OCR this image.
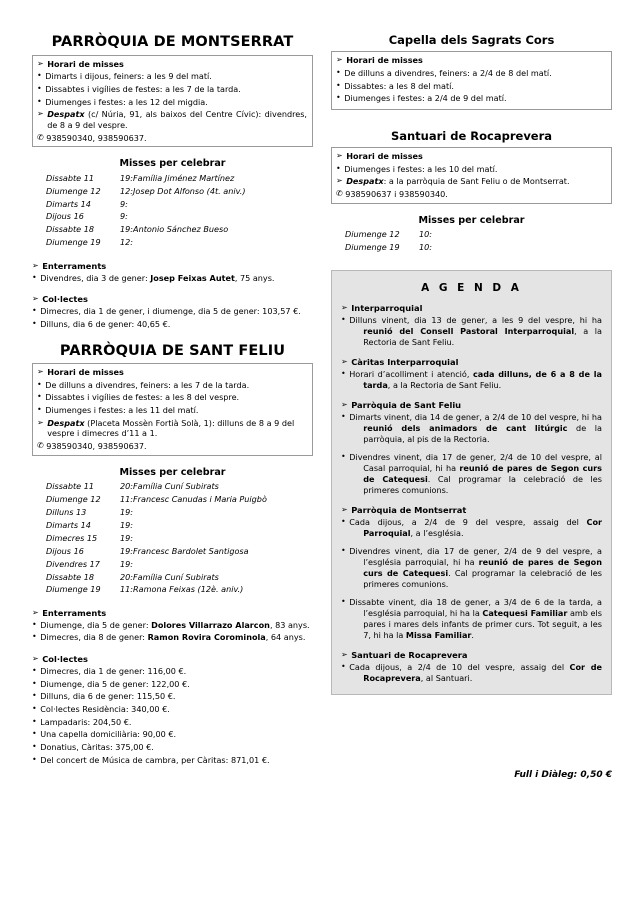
PARRÒQUIA DE MONTSERRAT
➢ Horari de misses
• Dimarts i dijous, feiners: a les 9 del matí.
• Dissabtes i vigílies de festes: a les 7 de la tarda.
• Diumenges i festes: a les 12 del migdia.
➢ Despatx (c/ Núria, 91, als baixos del Centre Cívic): divendres, de 8 a 9 del vespre.
✆ 938590340, 938590637.
Misses per celebrar
Dissabte 11	19:	Família Jiménez Martínez
Diumenge 12	12:	Josep Dot Alfonso (4t. aniv.)
Dimarts 14	9:	
Dijous 16	9:	
Dissabte 18	19:	Antonio Sánchez Bueso
Diumenge 19	12:	
➢ Enterraments
• Divendres, dia 3 de gener: Josep Feixas Autet, 75 anys.
➢ Col·lectes
• Dimecres, dia 1 de gener, i diumenge, dia 5 de gener: 103,57 €.
• Dilluns, dia 6 de gener: 40,65 €.
PARRÒQUIA DE SANT FELIU
➢ Horari de misses
• De dilluns a divendres, feiners: a les 7 de la tarda.
• Dissabtes i vigílies de festes: a les 8 del vespre.
• Diumenges i festes: a les 11 del matí.
➢ Despatx (Placeta Mossèn Fortià Solà, 1): dilluns de 8 a 9 del vespre i dimecres d’11 a 1.
✆ 938590340, 938590637.
Misses per celebrar
Dissabte 11	20:	Família Cuní Subirats
Diumenge 12	11:	Francesc Canudas i Maria Puigbò
Dilluns 13	19:	
Dimarts 14	19:	
Dimecres 15	19:	
Dijous 16	19:	Francesc Bardolet Santigosa
Divendres 17	19:	
Dissabte 18	20:	Família Cuní Subirats
Diumenge 19	11:	Ramona Feixas (12è. aniv.)
➢ Enterraments
• Diumenge, dia 5 de gener: Dolores Villarrazo Alarcon, 83 anys.
• Dimecres, dia 8 de gener: Ramon Rovira Corominola, 64 anys.
➢ Col·lectes
• Dimecres, dia 1 de gener: 116,00 €.
• Diumenge, dia 5 de gener: 122,00 €.
• Dilluns, dia 6 de gener: 115,50 €.
• Col·lectes Residència: 340,00 €.
• Lampadaris: 204,50 €.
• Una capella domiciliària: 90,00 €.
• Donatius, Càritas: 375,00 €.
• Del concert de Música de cambra, per Càritas: 871,01 €.
Capella dels Sagrats Cors
➢ Horari de misses
• De dilluns a divendres, feiners: a 2/4 de 8 del matí.
• Dissabtes: a les 8 del matí.
• Diumenges i festes: a 2/4 de 9 del matí.
Santuari de Rocaprevera
➢ Horari de misses
• Diumenges i festes: a les 10 del matí.
➢ Despatx: a la parròquia de Sant Feliu o de Montserrat.
✆ 938590637 i 938590340.
Misses per celebrar
Diumenge 12	10:	
Diumenge 19	10:	
A G E N D A
➢ Interparroquial
• Dilluns vinent, dia 13 de gener, a les 9 del vespre, hi ha reunió del Consell Pastoral Interparroquial, a la Rectoria de Sant Feliu.
➢ Càritas Interparroquial
• Horari d’acolliment i atenció, cada dilluns, de 6 a 8 de la tarda, a la Rectoria de Sant Feliu.
➢ Parròquia de Sant Feliu
• Dimarts vinent, dia 14 de gener, a 2/4 de 10 del vespre, hi ha reunió dels animadors de cant litúrgic de la parròquia, al pis de la Rectoria.
• Divendres vinent, dia 17 de gener, 2/4 de 10 del vespre, al Casal parroquial, hi ha reunió de pares de Segon curs de Catequesi. Cal programar la celebració de les primeres comunions.
➢ Parròquia de Montserrat
• Cada dijous, a 2/4 de 9 del vespre, assaig del Cor Parroquial, a l’església.
• Divendres vinent, dia 17 de gener, 2/4 de 9 del vespre, a l’església parroquial, hi ha reunió de pares de Segon curs de Catequesi. Cal programar la celebració de les primeres comunions.
• Dissabte vinent, dia 18 de gener, a 3/4 de 6 de la tarda, a l’església parroquial, hi ha la Catequesi Familiar amb els pares i mares dels infants de primer curs. Tot seguit, a les 7, hi ha la Missa Familiar.
➢ Santuari de Rocaprevera
• Cada dijous, a 2/4 de 10 del vespre, assaig del Cor de Rocaprevera, al Santuari.
Full i Diàleg: 0,50 €
